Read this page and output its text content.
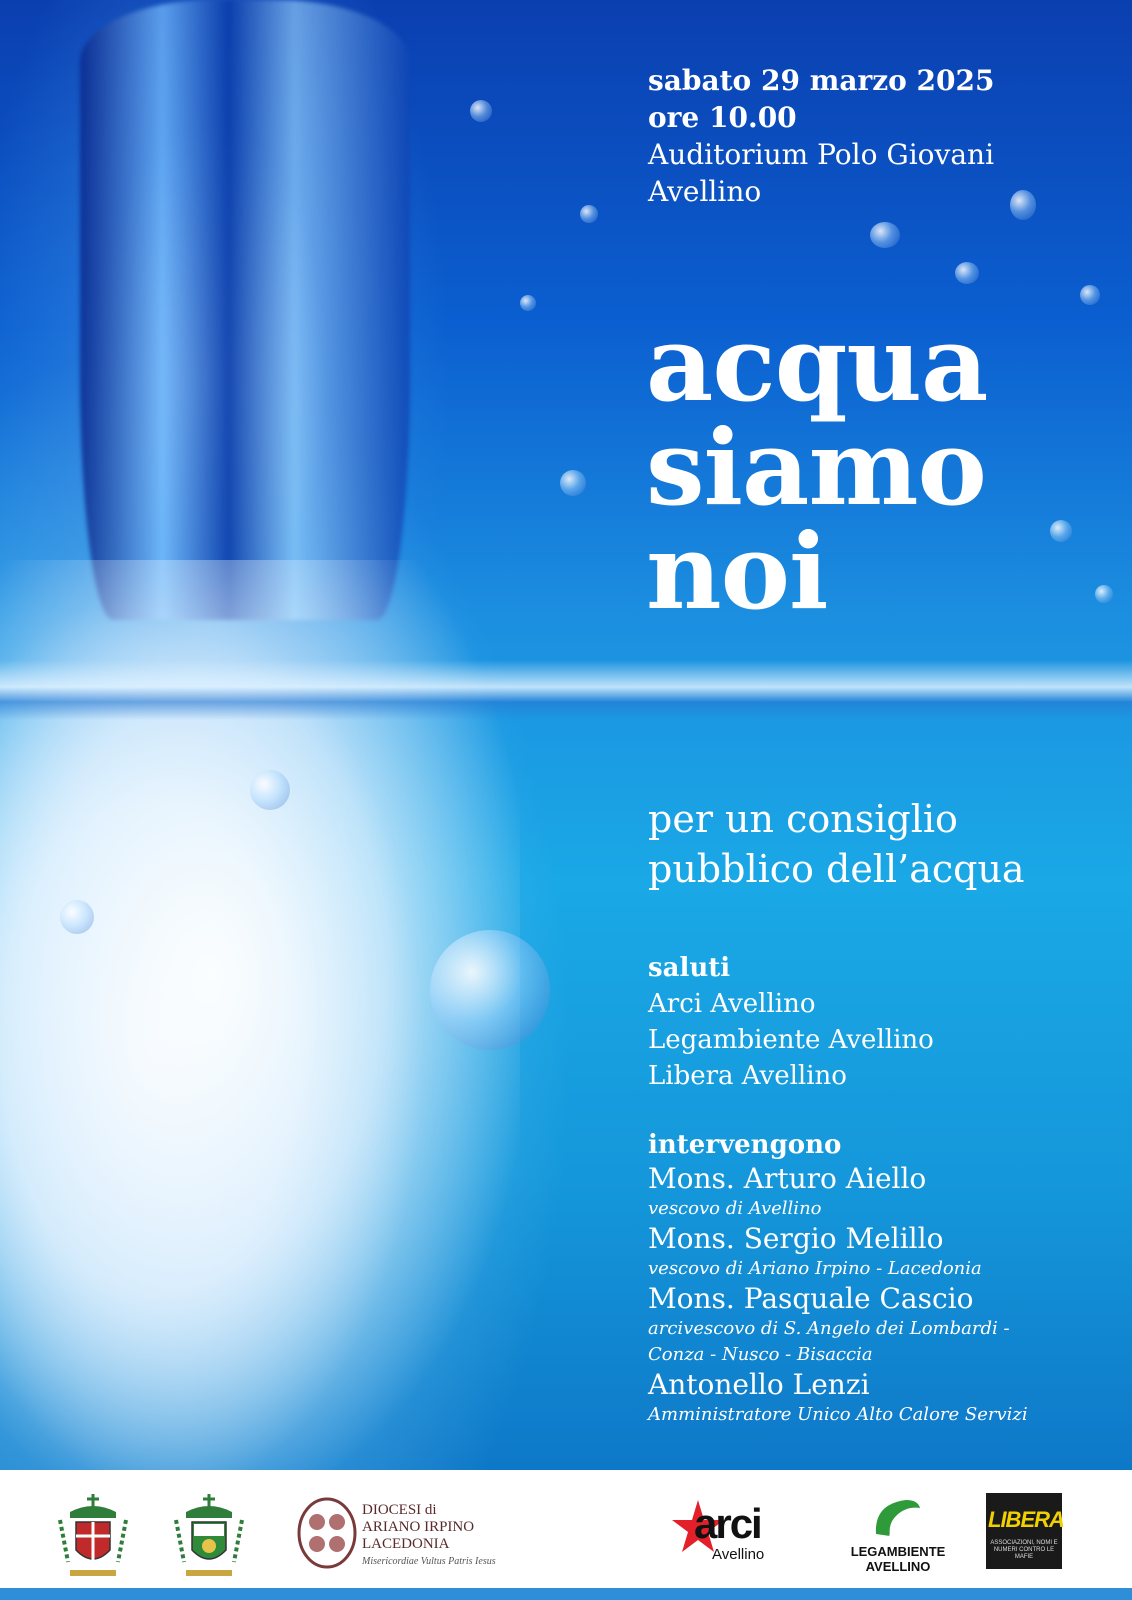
sabato 29 marzo 2025
ore 10.00
Auditorium Polo Giovani
Avellino
acqua
siamo
noi
per un consiglio
pubblico dell’acqua
saluti
Arci Avellino
Legambiente Avellino
Libera Avellino
intervengono
Mons. Arturo Aiello
vescovo di Avellino
Mons. Sergio Melillo
vescovo di Ariano Irpino - Lacedonia
Mons. Pasquale Cascio
arcivescovo di S. Angelo dei Lombardi -
Conza - Nusco - Bisaccia
Antonello Lenzi
Amministratore Unico Alto Calore Servizi
DIOCESI di
ARIANO IRPINO
LACEDONIA
Misericordiae Vultus Patris Iesus
arci
Avellino	LEGAMBIENTE
AVELLINO
LIBERA
ASSOCIAZIONI, NOMI E NUMERI CONTRO LE MAFIE
